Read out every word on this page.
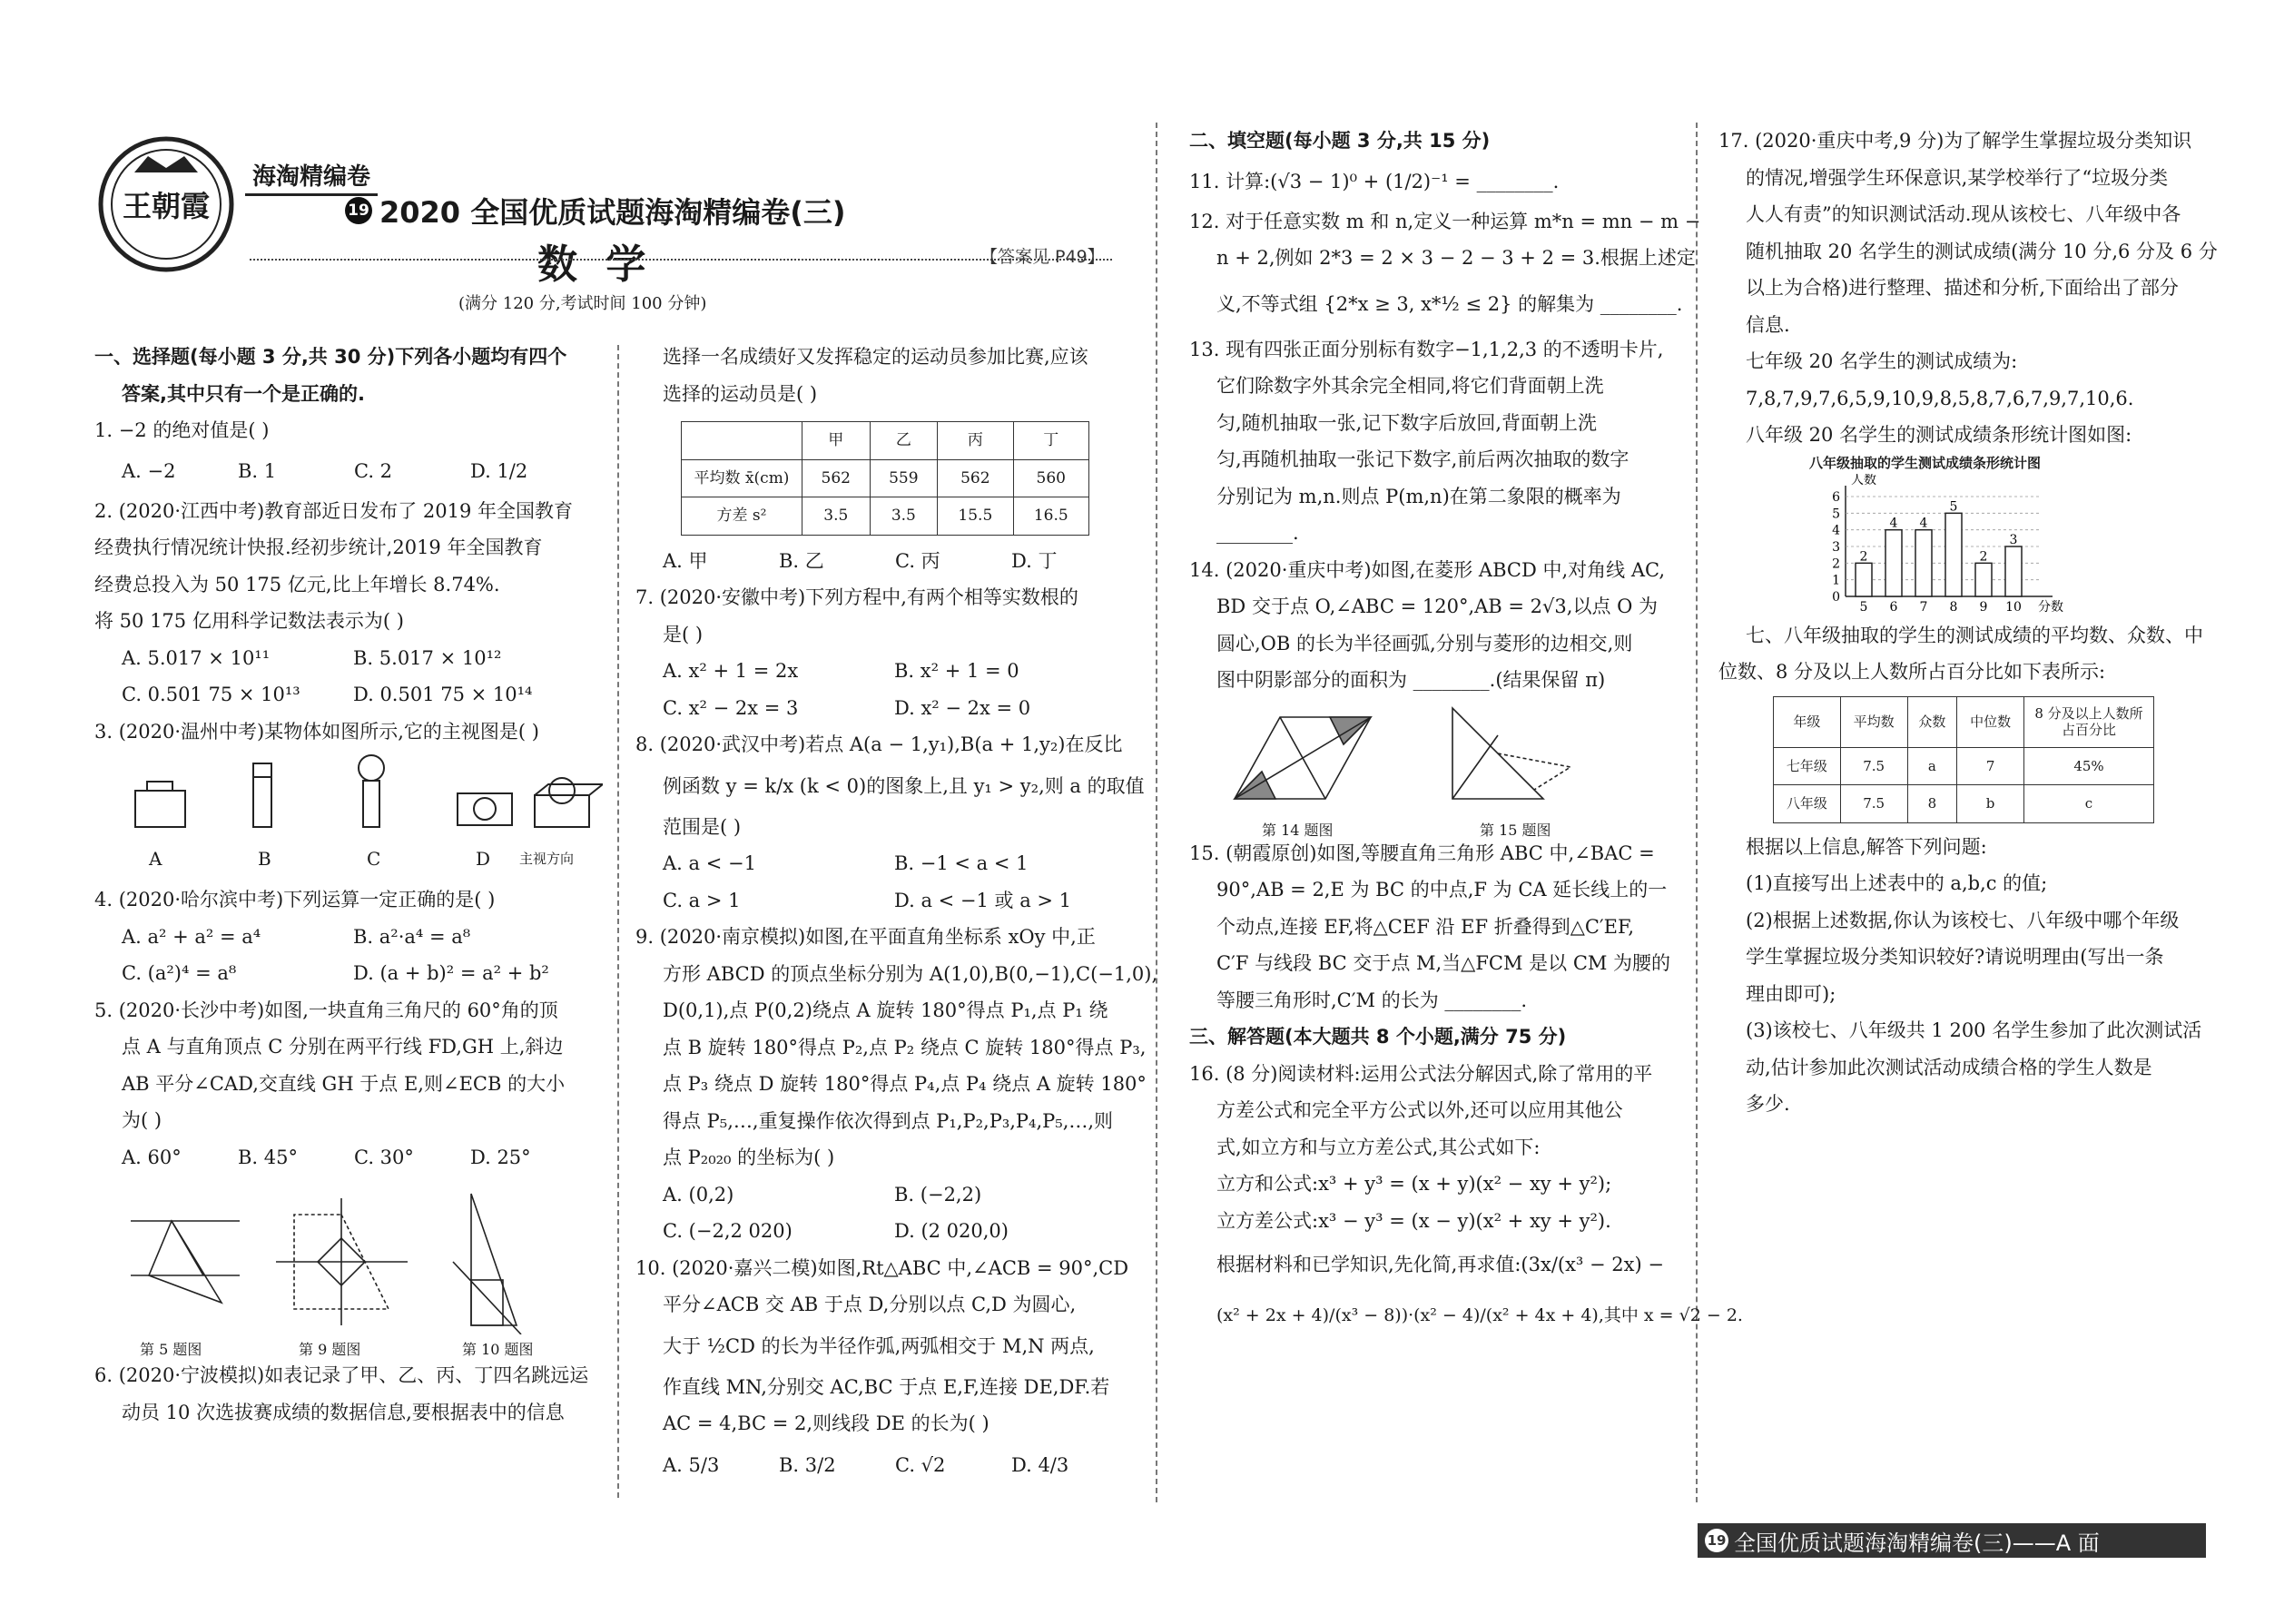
王朝霞
海淘精编卷
19 2020 全国优质试题海淘精编卷(三)
数 学	【答案见 P49】
(满分 120 分,考试时间 100 分钟)
一、选择题(每小题 3 分,共 30 分)下列各小题均有四个
答案,其中只有一个是正确的.
1. −2 的绝对值是( )
A. −2	B. 1	C. 2	D. 1/2
2. (2020·江西中考)教育部近日发布了 2019 年全国教育
经费执行情况统计快报.经初步统计,2019 年全国教育
经费总投入为 50 175 亿元,比上年增长 8.74%.
将 50 175 亿用科学记数法表示为( )
A. 5.017 × 10¹¹	B. 5.017 × 10¹²
C. 0.501 75 × 10¹³	D. 0.501 75 × 10¹⁴
3. (2020·温州中考)某物体如图所示,它的主视图是( )
A	B	C	D	主视方向
4. (2020·哈尔滨中考)下列运算一定正确的是( )
A. a² + a² = a⁴	B. a²·a⁴ = a⁸
C. (a²)⁴ = a⁸	D. (a + b)² = a² + b²
5. (2020·长沙中考)如图,一块直角三角尺的 60°角的顶
点 A 与直角顶点 C 分别在两平行线 FD,GH 上,斜边
AB 平分∠CAD,交直线 GH 于点 E,则∠ECB 的大小
为( )
A. 60°	B. 45°	C. 30°	D. 25°
第 5 题图	第 9 题图	第 10 题图
6. (2020·宁波模拟)如表记录了甲、乙、丙、丁四名跳远运
动员 10 次选拔赛成绩的数据信息,要根据表中的信息
选择一名成绩好又发挥稳定的运动员参加比赛,应该
选择的运动员是( )
	甲	乙	丙	丁
平均数 x̄(cm)	562	559	562	560
方差 s²	3.5	3.5	15.5	16.5
A. 甲	B. 乙	C. 丙	D. 丁
7. (2020·安徽中考)下列方程中,有两个相等实数根的
是( )
A. x² + 1 = 2x	B. x² + 1 = 0
C. x² − 2x = 3	D. x² − 2x = 0
8. (2020·武汉中考)若点 A(a − 1,y₁),B(a + 1,y₂)在反比
例函数 y = k/x (k < 0)的图象上,且 y₁ > y₂,则 a 的取值
范围是( )
A. a < −1	B. −1 < a < 1
C. a > 1	D. a < −1 或 a > 1
9. (2020·南京模拟)如图,在平面直角坐标系 xOy 中,正
方形 ABCD 的顶点坐标分别为 A(1,0),B(0,−1),C(−1,0),
D(0,1),点 P(0,2)绕点 A 旋转 180°得点 P₁,点 P₁ 绕
点 B 旋转 180°得点 P₂,点 P₂ 绕点 C 旋转 180°得点 P₃,
点 P₃ 绕点 D 旋转 180°得点 P₄,点 P₄ 绕点 A 旋转 180°
得点 P₅,…,重复操作依次得到点 P₁,P₂,P₃,P₄,P₅,…,则
点 P₂₀₂₀ 的坐标为( )
A. (0,2)	B. (−2,2)
C. (−2,2 020)	D. (2 020,0)
10. (2020·嘉兴二模)如图,Rt△ABC 中,∠ACB = 90°,CD
平分∠ACB 交 AB 于点 D,分别以点 C,D 为圆心,
大于 ½CD 的长为半径作弧,两弧相交于 M,N 两点,
作直线 MN,分别交 AC,BC 于点 E,F,连接 DE,DF.若
AC = 4,BC = 2,则线段 DE 的长为( )
A. 5/3	B. 3/2	C. √2	D. 4/3
二、填空题(每小题 3 分,共 15 分)
11. 计算:(√3 − 1)⁰ + (1/2)⁻¹ = ________.
12. 对于任意实数 m 和 n,定义一种运算 m*n = mn − m −
n + 2,例如 2*3 = 2 × 3 − 2 − 3 + 2 = 3.根据上述定
义,不等式组 {2*x ≥ 3, x*½ ≤ 2} 的解集为 ________.
13. 现有四张正面分别标有数字−1,1,2,3 的不透明卡片,
它们除数字外其余完全相同,将它们背面朝上洗
匀,随机抽取一张,记下数字后放回,背面朝上洗
匀,再随机抽取一张记下数字,前后两次抽取的数字
分别记为 m,n.则点 P(m,n)在第二象限的概率为
________.
14. (2020·重庆中考)如图,在菱形 ABCD 中,对角线 AC,
BD 交于点 O,∠ABC = 120°,AB = 2√3,以点 O 为
圆心,OB 的长为半径画弧,分别与菱形的边相交,则
图中阴影部分的面积为 ________.(结果保留 π)
第 14 题图	第 15 题图
15. (朝霞原创)如图,等腰直角三角形 ABC 中,∠BAC =
90°,AB = 2,E 为 BC 的中点,F 为 CA 延长线上的一
个动点,连接 EF,将△CEF 沿 EF 折叠得到△C′EF,
C′F 与线段 BC 交于点 M,当△FCM 是以 CM 为腰的
等腰三角形时,C′M 的长为 ________.
三、解答题(本大题共 8 个小题,满分 75 分)
16. (8 分)阅读材料:运用公式法分解因式,除了常用的平
方差公式和完全平方公式以外,还可以应用其他公
式,如立方和与立方差公式,其公式如下:
立方和公式:x³ + y³ = (x + y)(x² − xy + y²);
立方差公式:x³ − y³ = (x − y)(x² + xy + y²).
根据材料和已学知识,先化简,再求值:(3x/(x³ − 2x) −
(x² + 2x + 4)/(x³ − 8))·(x² − 4)/(x² + 4x + 4),其中 x = √2 − 2.
17. (2020·重庆中考,9 分)为了解学生掌握垃圾分类知识
的情况,增强学生环保意识,某学校举行了“垃圾分类
人人有责”的知识测试活动.现从该校七、八年级中各
随机抽取 20 名学生的测试成绩(满分 10 分,6 分及 6 分
以上为合格)进行整理、描述和分析,下面给出了部分
信息.
七年级 20 名学生的测试成绩为:
7,8,7,9,7,6,5,9,10,9,8,5,8,7,6,7,9,7,10,6.
八年级 20 名学生的测试成绩条形统计图如图:
八年级抽取的学生测试成绩条形统计图
0
1
2
3
4
5
6
人数
2
5
4
6
4
7
5
8
2
9
3
10 分数
七、八年级抽取的学生的测试成绩的平均数、众数、中
位数、8 分及以上人数所占百分比如下表所示:
年级	平均数	众数	中位数	8 分及以上人数所占百分比
七年级	7.5	a	7	45%
八年级	7.5	8	b	c
根据以上信息,解答下列问题:
(1)直接写出上述表中的 a,b,c 的值;
(2)根据上述数据,你认为该校七、八年级中哪个年级
学生掌握垃圾分类知识较好?请说明理由(写出一条
理由即可);
(3)该校七、八年级共 1 200 名学生参加了此次测试活
动,估计参加此次测试活动成绩合格的学生人数是
多少.
19 全国优质试题海淘精编卷(三)——A 面
